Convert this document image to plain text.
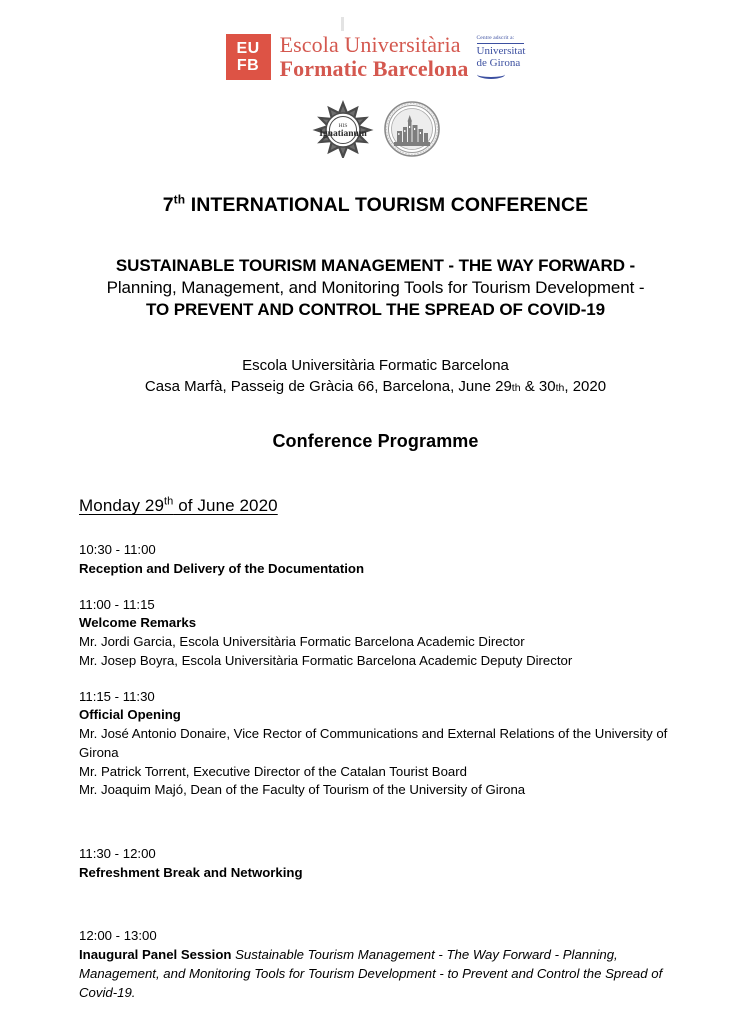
EU
FB
Escola Universitària
Formatic Barcelona
Centre adscrit a:
Universitat
de Girona
HIS
Ignatianum
7th INTERNATIONAL TOURISM CONFERENCE
SUSTAINABLE TOURISM MANAGEMENT - THE WAY FORWARD -
Planning, Management, and Monitoring Tools for Tourism Development -
TO PREVENT AND CONTROL THE SPREAD OF COVID-19
Escola Universitària Formatic Barcelona
Casa Marfà, Passeig de Gràcia 66, Barcelona, June 29th & 30th, 2020
Conference Programme
Monday 29th of June 2020
10:30 - 11:00
Reception and Delivery of the Documentation
11:00 - 11:15
Welcome Remarks
Mr. Jordi Garcia, Escola Universitària Formatic Barcelona Academic Director
Mr. Josep Boyra, Escola Universitària Formatic Barcelona Academic Deputy Director
11:15 - 11:30
Official Opening
Mr. José Antonio Donaire, Vice Rector of Communications and External Relations of the University of Girona
Mr. Patrick Torrent, Executive Director of the Catalan Tourist Board
Mr. Joaquim Majó, Dean of the Faculty of Tourism of the University of Girona
11:30 - 12:00
Refreshment Break and Networking
12:00 - 13:00
Inaugural Panel Session Sustainable Tourism Management - The Way Forward - Planning, Management, and Monitoring Tools for Tourism Development - to Prevent and Control the Spread of Covid-19.
